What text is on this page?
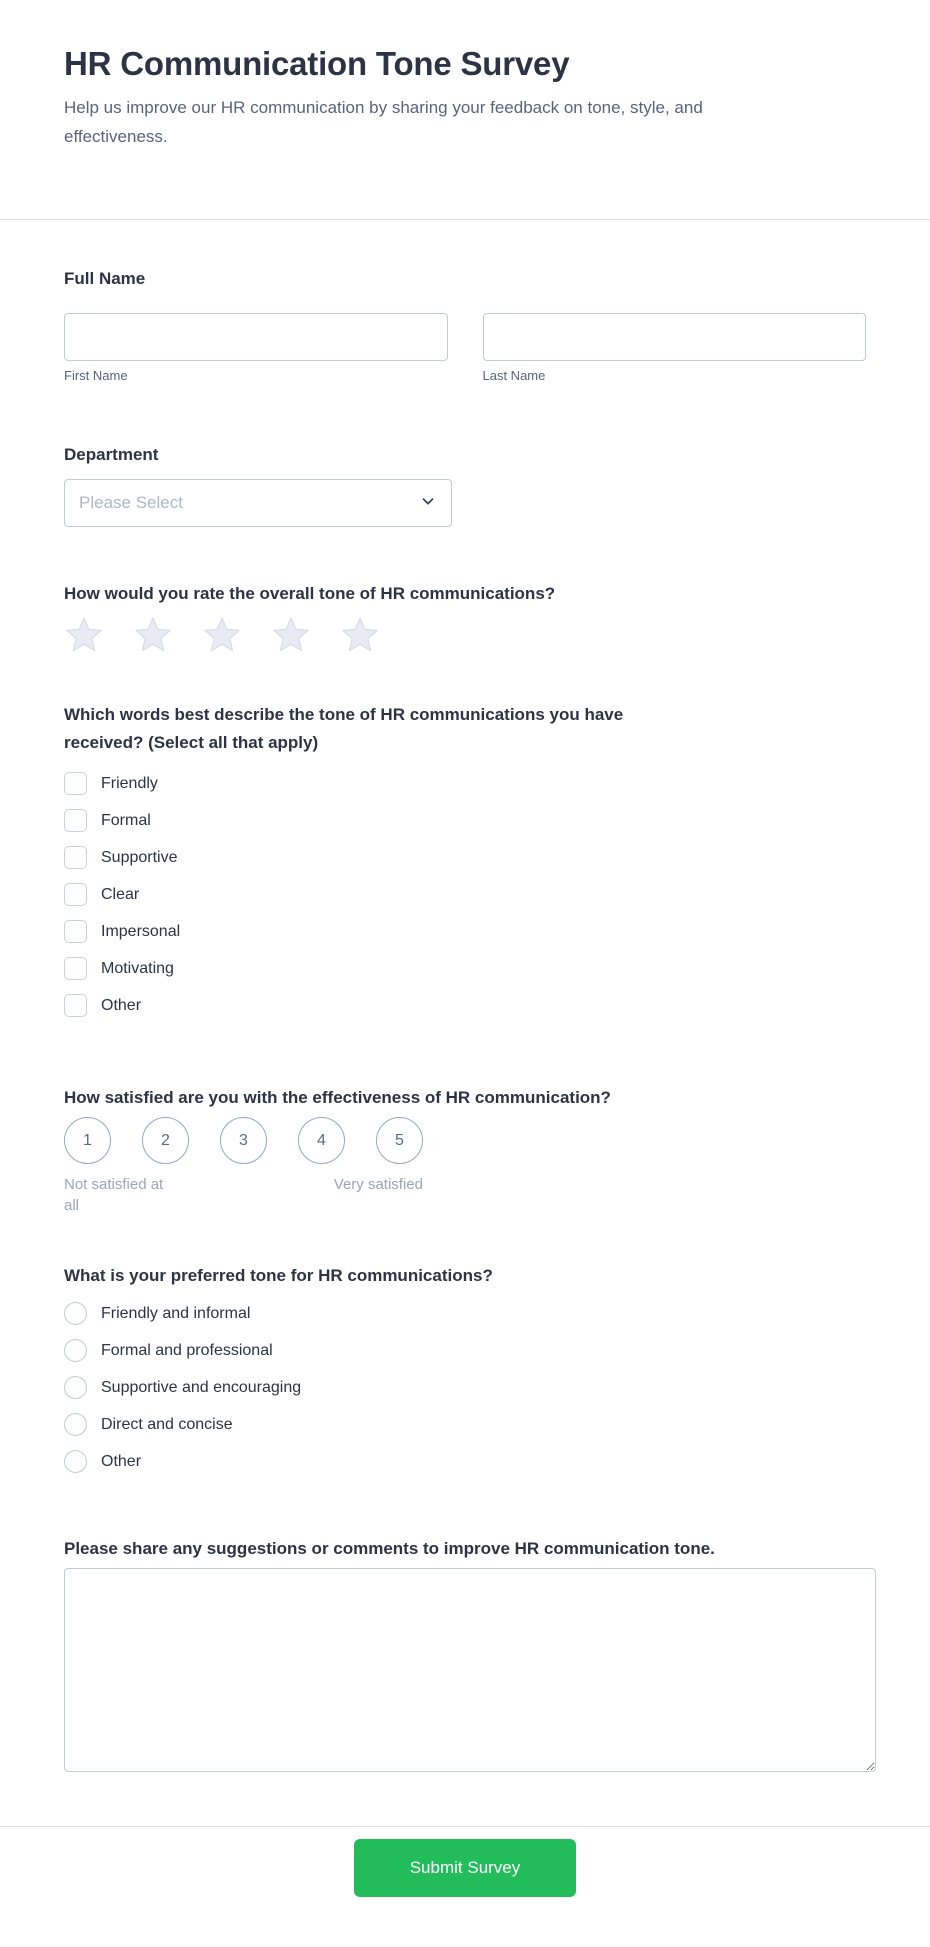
HR Communication Tone Survey
Help us improve our HR communication by sharing your feedback on tone, style, and effectiveness.
Full Name
First Name	Last Name
Department
Please Select
How would you rate the overall tone of HR communications?
Which words best describe the tone of HR communications you have received? (Select all that apply)
Friendly
Formal
Supportive
Clear
Impersonal
Motivating
Other
How satisfied are you with the effectiveness of HR communication?
1	2	3	4	5
Not satisfied at all
Very satisfied
What is your preferred tone for HR communications?
Friendly and informal
Formal and professional
Supportive and encouraging
Direct and concise
Other
Please share any suggestions or comments to improve HR communication tone.
Submit Survey
